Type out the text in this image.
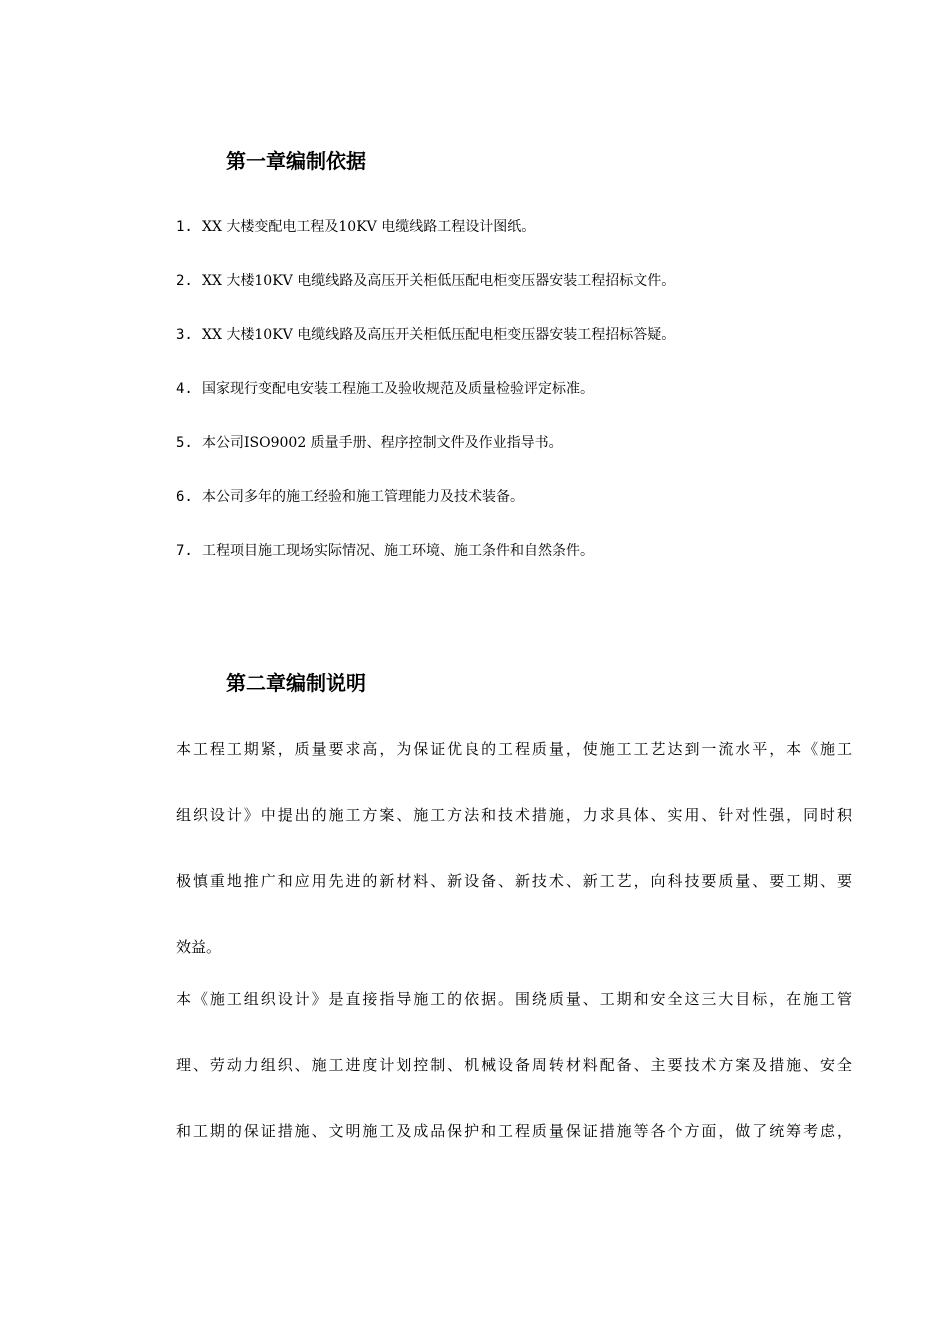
第一章编制依据
1. XX 大楼变配电工程及10KV 电缆线路工程设计图纸。
2. XX 大楼10KV 电缆线路及高压开关柜低压配电柜变压器安装工程招标文件。
3. XX 大楼10KV 电缆线路及高压开关柜低压配电柜变压器安装工程招标答疑。
4. 国家现行变配电安装工程施工及验收规范及质量检验评定标准。
5. 本公司ISO9002 质量手册、程序控制文件及作业指导书。
6. 本公司多年的施工经验和施工管理能力及技术装备。
7. 工程项目施工现场实际情况、施工环境、施工条件和自然条件。
第二章编制说明
本工程工期紧，质量要求高，为保证优良的工程质量，使施工工艺达到一流水平，本《施工
组织设计》中提出的施工方案、施工方法和技术措施，力求具体、实用、针对性强，同时积
极慎重地推广和应用先进的新材料、新设备、新技术、新工艺，向科技要质量、要工期、要
效益。
本《施工组织设计》是直接指导施工的依据。围绕质量、工期和安全这三大目标，在施工管
理、劳动力组织、施工进度计划控制、机械设备周转材料配备、主要技术方案及措施、安全
和工期的保证措施、文明施工及成品保护和工程质量保证措施等各个方面，做了统筹考虑，
